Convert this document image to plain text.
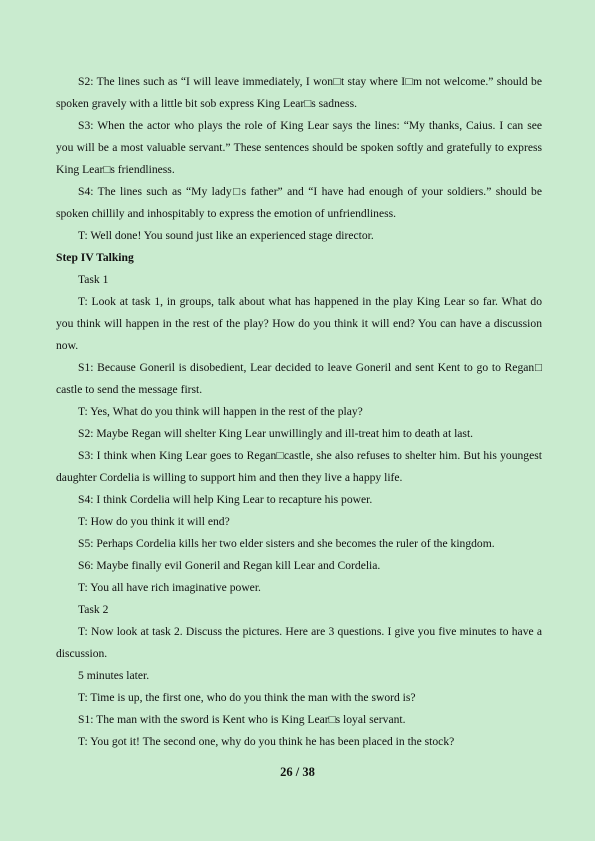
S2: The lines such as “I will leave immediately, I won□t stay where I□m not welcome.” should be spoken gravely with a little bit sob express King Lear□s sadness.

S3: When the actor who plays the role of King Lear says the lines: “My thanks, Caius. I can see you will be a most valuable servant.” These sentences should be spoken softly and gratefully to express King Lear□s friendliness.

S4: The lines such as “My lady□s father” and “I have had enough of your soldiers.” should be spoken chillily and inhospitably to express the emotion of unfriendliness.

T: Well done! You sound just like an experienced stage director.

Step IV Talking

Task 1

T: Look at task 1, in groups, talk about what has happened in the play King Lear so far. What do you think will happen in the rest of the play? How do you think it will end? You can have a discussion now.

S1: Because Goneril is disobedient, Lear decided to leave Goneril and sent Kent to go to Regan□ castle to send the message first.

T: Yes, What do you think will happen in the rest of the play?

S2: Maybe Regan will shelter King Lear unwillingly and ill-treat him to death at last.

S3: I think when King Lear goes to Regan□castle, she also refuses to shelter him. But his youngest daughter Cordelia is willing to support him and then they live a happy life.

S4: I think Cordelia will help King Lear to recapture his power.

T: How do you think it will end?

S5: Perhaps Cordelia kills her two elder sisters and she becomes the ruler of the kingdom.

S6: Maybe finally evil Goneril and Regan kill Lear and Cordelia.

T: You all have rich imaginative power.

Task 2

T: Now look at task 2. Discuss the pictures. Here are 3 questions. I give you five minutes to have a discussion.

5 minutes later.

T: Time is up, the first one, who do you think the man with the sword is?

S1: The man with the sword is Kent who is King Lear□s loyal servant.

T: You got it! The second one, why do you think he has been placed in the stock?

26 / 38
